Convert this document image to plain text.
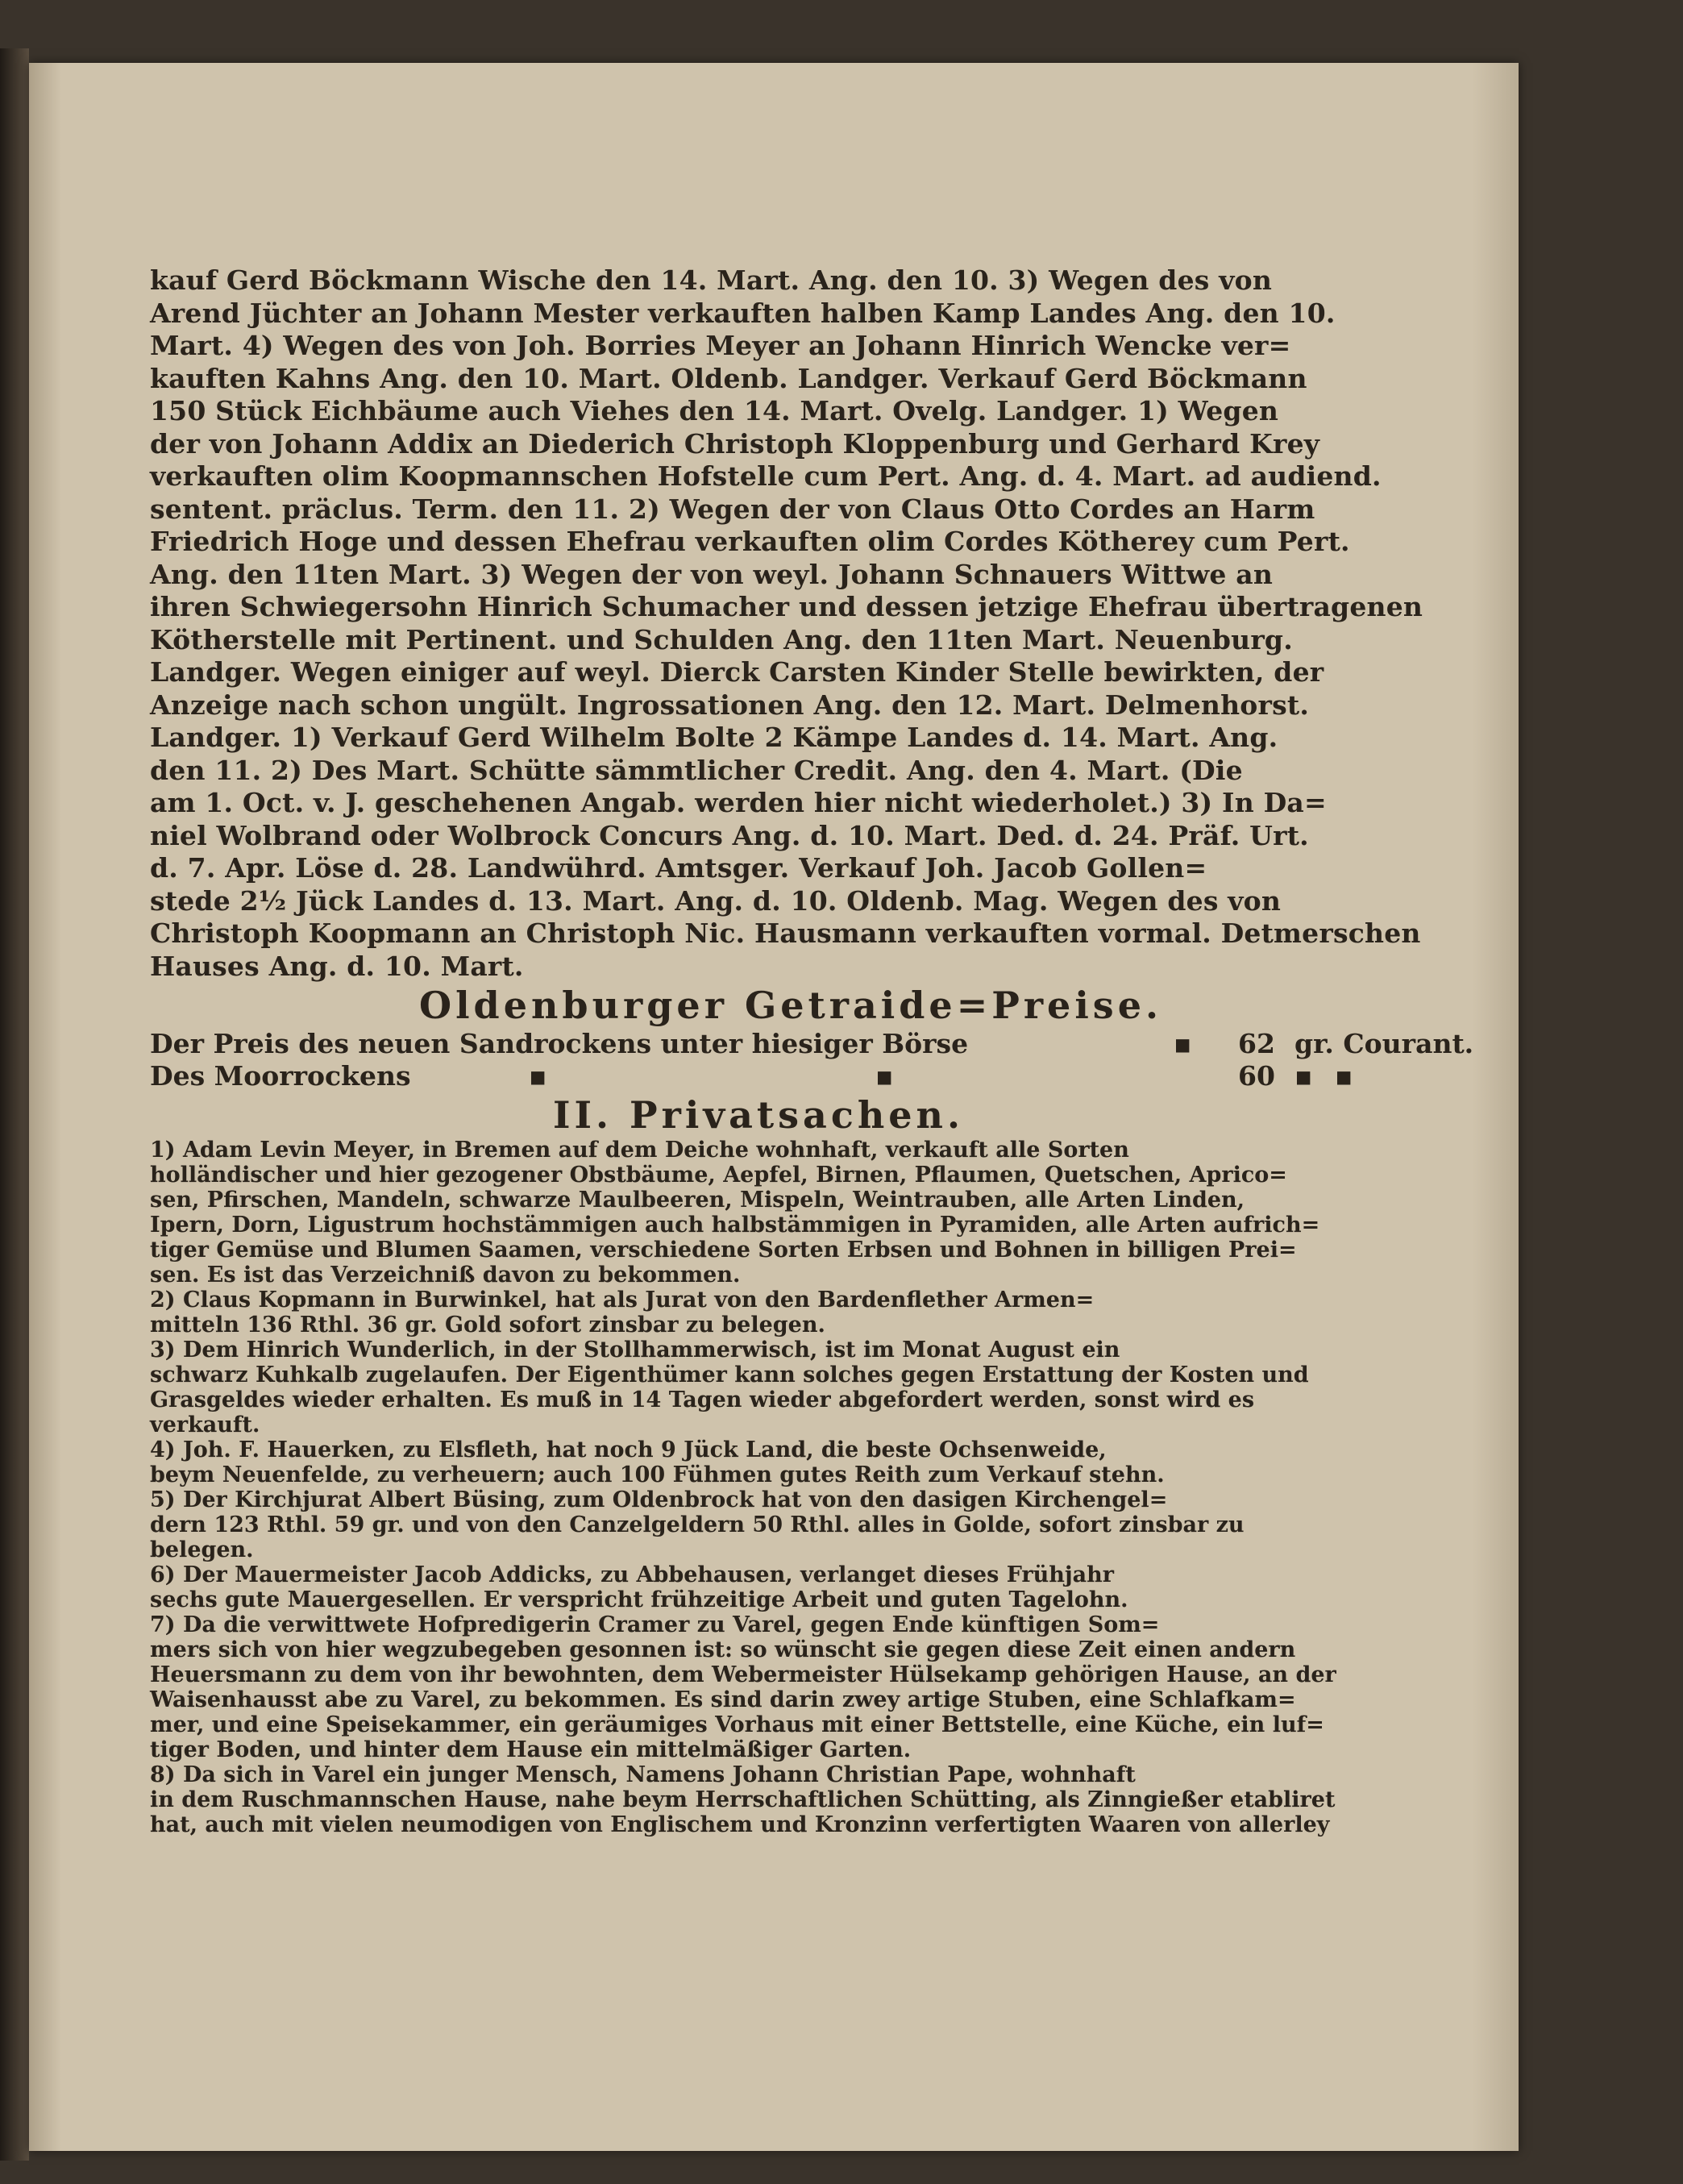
kauf Gerd Böckmann Wische den 14. Mart. Ang. den 10. 3) Wegen des von
Arend Jüchter an Johann Mester verkauften halben Kamp Landes Ang. den 10.
Mart. 4) Wegen des von Joh. Borries Meyer an Johann Hinrich Wencke ver=
kauften Kahns Ang. den 10. Mart. Oldenb. Landger. Verkauf Gerd Böckmann
150 Stück Eichbäume auch Viehes den 14. Mart. Ovelg. Landger. 1) Wegen
der von Johann Addix an Diederich Christoph Kloppenburg und Gerhard Krey
verkauften olim Koopmannschen Hofstelle cum Pert. Ang. d. 4. Mart. ad audiend.
sentent. präclus. Term. den 11. 2) Wegen der von Claus Otto Cordes an Harm
Friedrich Hoge und dessen Ehefrau verkauften olim Cordes Kötherey cum Pert.
Ang. den 11ten Mart. 3) Wegen der von weyl. Johann Schnauers Wittwe an
ihren Schwiegersohn Hinrich Schumacher und dessen jetzige Ehefrau übertragenen
Kötherstelle mit Pertinent. und Schulden Ang. den 11ten Mart. Neuenburg.
Landger. Wegen einiger auf weyl. Dierck Carsten Kinder Stelle bewirkten, der
Anzeige nach schon ungült. Ingrossationen Ang. den 12. Mart. Delmenhorst.
Landger. 1) Verkauf Gerd Wilhelm Bolte 2 Kämpe Landes d. 14. Mart. Ang.
den 11. 2) Des Mart. Schütte sämmtlicher Credit. Ang. den 4. Mart. (Die
am 1. Oct. v. J. geschehenen Angab. werden hier nicht wiederholet.) 3) In Da=
niel Wolbrand oder Wolbrock Concurs Ang. d. 10. Mart. Ded. d. 24. Präf. Urt.
d. 7. Apr. Löse d. 28. Landwührd. Amtsger. Verkauf Joh. Jacob Gollen=
stede 2½ Jück Landes d. 13. Mart. Ang. d. 10. Oldenb. Mag. Wegen des von
Christoph Koopmann an Christoph Nic. Hausmann verkauften vormal. Detmerschen
Hauses Ang. d. 10. Mart.
Oldenburger Getraide=Preise.
Der Preis des neuen Sandrockens unter hiesiger Börse	▪ 62 gr. Courant.
Des Moorrockens	▪	▪	60 ▪ ▪
II. Privatsachen.
1) Adam Levin Meyer, in Bremen auf dem Deiche wohnhaft, verkauft alle Sorten
holländischer und hier gezogener Obstbäume, Aepfel, Birnen, Pflaumen, Quetschen, Aprico=
sen, Pfirschen, Mandeln, schwarze Maulbeeren, Mispeln, Weintrauben, alle Arten Linden,
Ipern, Dorn, Ligustrum hochstämmigen auch halbstämmigen in Pyramiden, alle Arten aufrich=
tiger Gemüse und Blumen Saamen, verschiedene Sorten Erbsen und Bohnen in billigen Prei=
sen. Es ist das Verzeichniß davon zu bekommen.
2) Claus Kopmann in Burwinkel, hat als Jurat von den Bardenflether Armen=
mitteln 136 Rthl. 36 gr. Gold sofort zinsbar zu belegen.
3) Dem Hinrich Wunderlich, in der Stollhammerwisch, ist im Monat August ein
schwarz Kuhkalb zugelaufen. Der Eigenthümer kann solches gegen Erstattung der Kosten und
Grasgeldes wieder erhalten. Es muß in 14 Tagen wieder abgefordert werden, sonst wird es
verkauft.
4) Joh. F. Hauerken, zu Elsfleth, hat noch 9 Jück Land, die beste Ochsenweide,
beym Neuenfelde, zu verheuern; auch 100 Fühmen gutes Reith zum Verkauf stehn.
5) Der Kirchjurat Albert Büsing, zum Oldenbrock hat von den dasigen Kirchengel=
dern 123 Rthl. 59 gr. und von den Canzelgeldern 50 Rthl. alles in Golde, sofort zinsbar zu
belegen.
6) Der Mauermeister Jacob Addicks, zu Abbehausen, verlanget dieses Frühjahr
sechs gute Mauergesellen. Er verspricht frühzeitige Arbeit und guten Tagelohn.
7) Da die verwittwete Hofpredigerin Cramer zu Varel, gegen Ende künftigen Som=
mers sich von hier wegzubegeben gesonnen ist: so wünscht sie gegen diese Zeit einen andern
Heuersmann zu dem von ihr bewohnten, dem Webermeister Hülsekamp gehörigen Hause, an der
Waisenhausst abe zu Varel, zu bekommen. Es sind darin zwey artige Stuben, eine Schlafkam=
mer, und eine Speisekammer, ein geräumiges Vorhaus mit einer Bettstelle, eine Küche, ein luf=
tiger Boden, und hinter dem Hause ein mittelmäßiger Garten.
8) Da sich in Varel ein junger Mensch, Namens Johann Christian Pape, wohnhaft
in dem Ruschmannschen Hause, nahe beym Herrschaftlichen Schütting, als Zinngießer etabliret
hat, auch mit vielen neumodigen von Englischem und Kronzinn verfertigten Waaren von allerley
